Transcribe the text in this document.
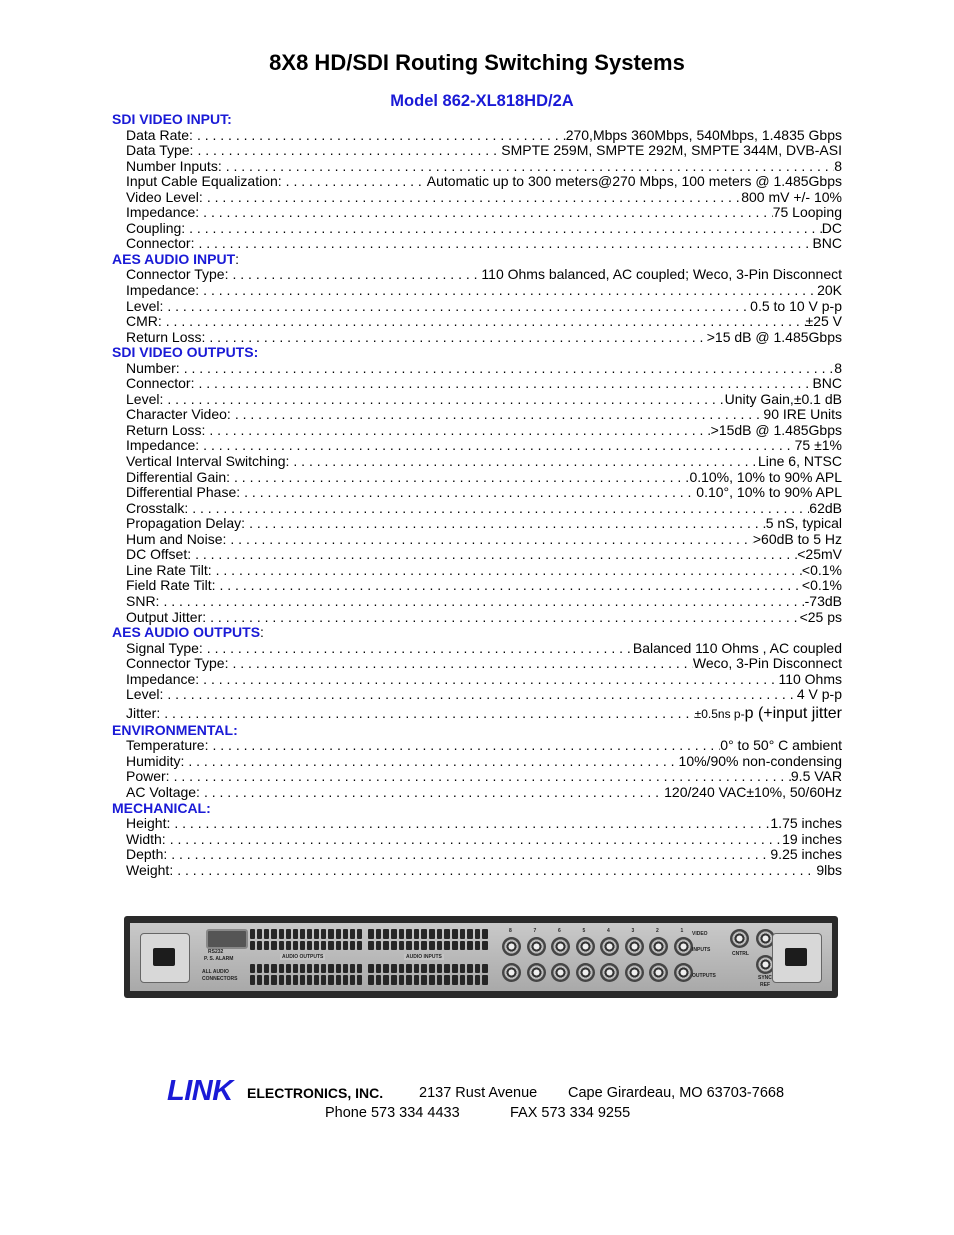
8X8 HD/SDI Routing Switching Systems
Model 862-XL818HD/2A
SDI VIDEO INPUT:
Data Rate: . . .	270,Mbps 360Mbps, 540Mbps, 1.4835 Gbps
Data Type: . . .	SMPTE 259M, SMPTE 292M, SMPTE 344M, DVB-ASI
Number Inputs: . . .	8
Input Cable Equalization: . . .	Automatic up to 300 meters@270 Mbps, 100 meters @ 1.485Gbps
Video Level: . . .	800 mV +/- 10%
Impedance: . . .	75 Looping
Coupling: . . .	DC
Connector: . . .	BNC
AES AUDIO INPUT:
Connector Type: . . .	110 Ohms balanced, AC coupled; Weco, 3-Pin Disconnect
Impedance: . . .	20K
Level: . . .	0.5 to 10 V p-p
CMR: . . .	±25 V
Return Loss: . . .	>15 dB @ 1.485Gbps
SDI VIDEO OUTPUTS:
Number: . . .	8
Connector: . . .	BNC
Level: . . .	Unity Gain,±0.1 dB
Character Video: . . .	90 IRE Units
Return Loss: . . .	>15dB @ 1.485Gbps
Impedance: . . .	75 ±1%
Vertical Interval Switching: . . .	Line 6, NTSC
Differential Gain: . . .	0.10%, 10% to 90% APL
Differential Phase: . . .	0.10°, 10% to 90% APL
Crosstalk: . . .	62dB
Propagation Delay: . . .	5 nS, typical
Hum and Noise: . . .	>60dB to 5 Hz
DC Offset: . . .	<25mV
Line Rate Tilt: . . .	<0.1%
Field Rate Tilt: . . .	<0.1%
SNR: . . .	-73dB
Output Jitter: . . .	<25 ps
AES AUDIO OUTPUTS:
Signal Type: . . .	Balanced 110 Ohms , AC coupled
Connector Type: . . .	Weco, 3-Pin Disconnect
Impedance: . . .	110 Ohms
Level: . . .	4 V p-p
Jitter: . . .	±0.5ns p-p (+input jitter
ENVIRONMENTAL:
Temperature: . . .	0° to 50° C ambient
Humidity: . . .	10%/90% non-condensing
Power: . . .	9.5 VAR
AC Voltage: . . .	120/240 VAC±10%, 50/60Hz
MECHANICAL:
Height: . . .	1.75 inches
Width: . . .	19 inches
Depth: . . .	9.25 inches
Weight: . . .	9lbs
RS232
P. S. ALARM
ALL AUDIO
CONNECTORS
AUDIO OUTPUTS	AUDIO INPUTS
8	7	6	5	4	3	2	1 VIDEO
INPUTS
OUTPUTS
CNTRL
SYNC
REF
LINK ELECTRONICS, INC. 2137 Rust Avenue Cape Girardeau, MO 63703-7668
Phone 573 334 4433	FAX 573 334 9255
